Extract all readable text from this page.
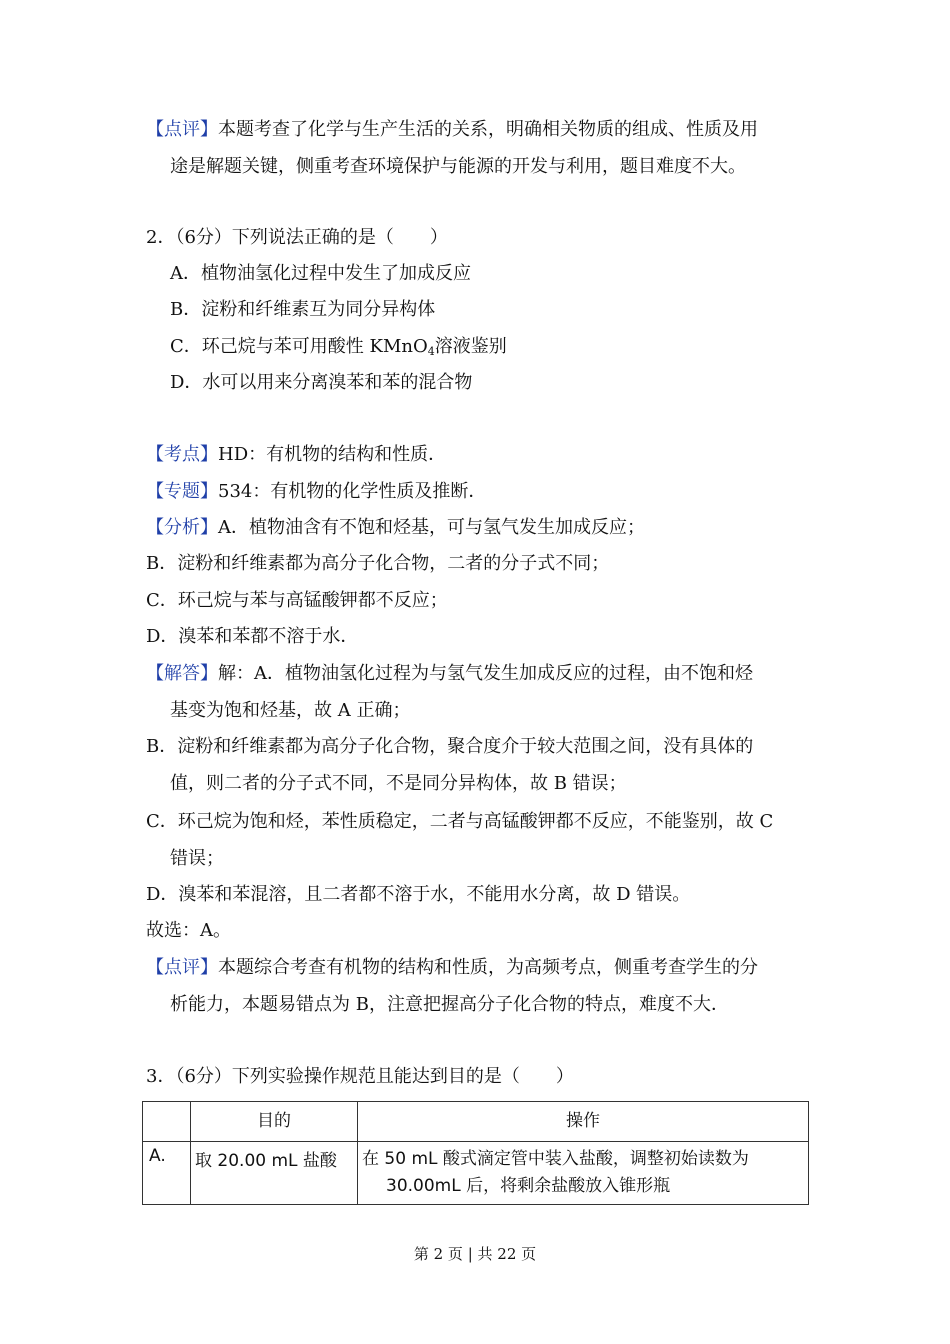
【点评】本题考查了化学与生产生活的关系，明确相关物质的组成、性质及用
途是解题关键，侧重考查环境保护与能源的开发与利用，题目难度不大。
2．（6分）下列说法正确的是（　　）
A．植物油氢化过程中发生了加成反应
B．淀粉和纤维素互为同分异构体
C．环己烷与苯可用酸性 KMnO$_4$溶液鉴别
D．水可以用来分离溴苯和苯的混合物
【考点】HD：有机物的结构和性质．
【专题】534：有机物的化学性质及推断．
【分析】A．植物油含有不饱和烃基，可与氢气发生加成反应；
B．淀粉和纤维素都为高分子化合物，二者的分子式不同；
C．环己烷与苯与高锰酸钾都不反应；
D．溴苯和苯都不溶于水．
【解答】解：A．植物油氢化过程为与氢气发生加成反应的过程，由不饱和烃
基变为饱和烃基，故 A 正确；
B．淀粉和纤维素都为高分子化合物，聚合度介于较大范围之间，没有具体的
值，则二者的分子式不同，不是同分异构体，故 B 错误；
C．环己烷为饱和烃，苯性质稳定，二者与高锰酸钾都不反应，不能鉴别，故 C
错误；
D．溴苯和苯混溶，且二者都不溶于水，不能用水分离，故 D 错误。
故选：A。
【点评】本题综合考查有机物的结构和性质，为高频考点，侧重考查学生的分
析能力，本题易错点为 B，注意把握高分子化合物的特点，难度不大．
3．（6分）下列实验操作规范且能达到目的是（　　）
	目的	操作
A.	取 20.00 mL 盐酸	在 50 mL 酸式滴定管中装入盐酸，调整初始读数为
30.00mL 后，将剩余盐酸放入锥形瓶
第 2 页 | 共 22 页
